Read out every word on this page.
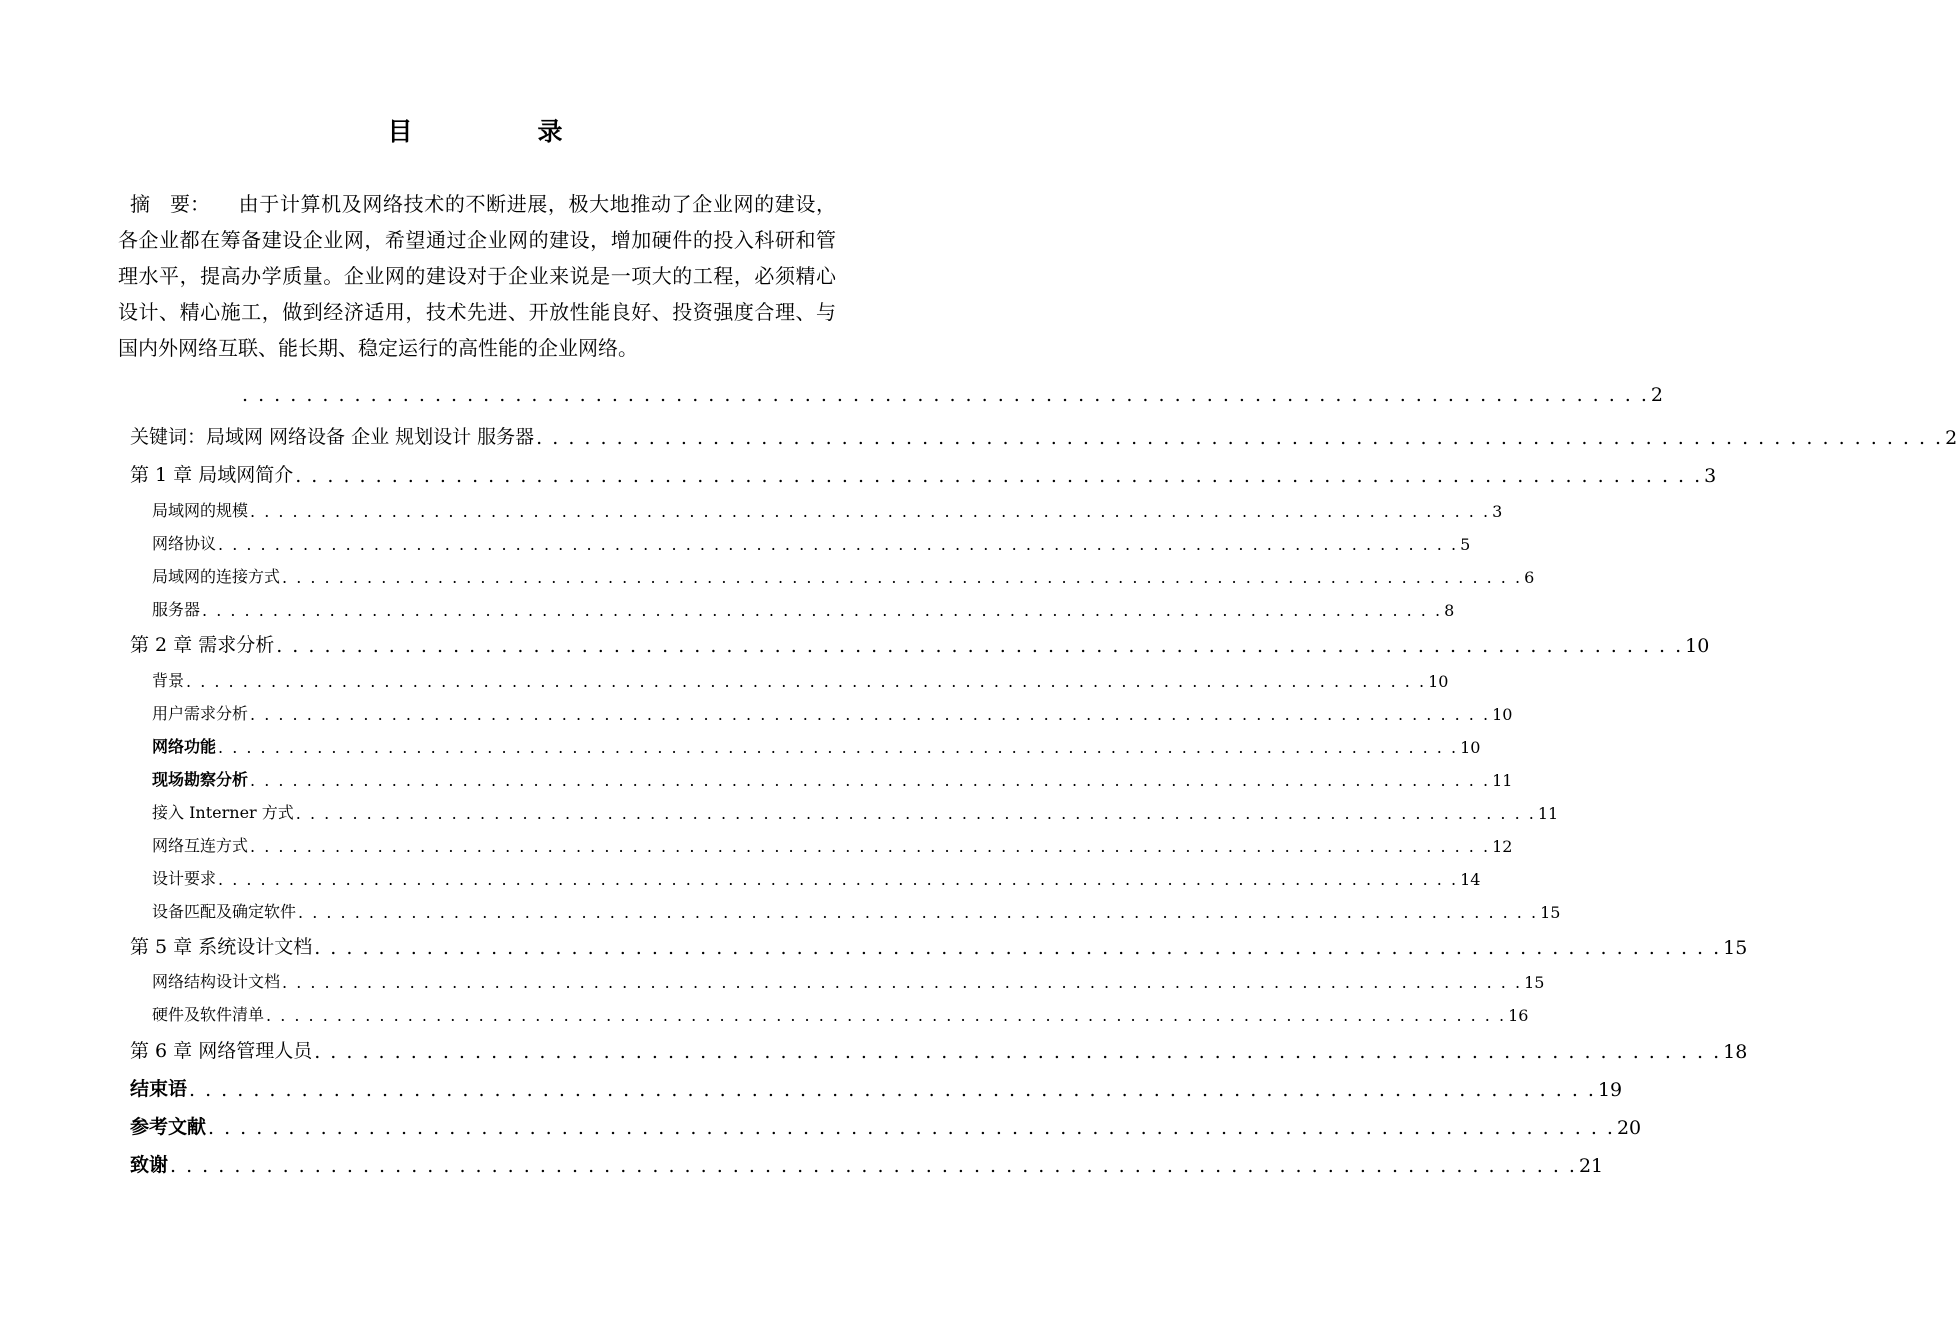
目　录
摘　要： 由于计算机及网络技术的不断进展，极大地推动了企业网的建设，各企业都在筹备建设企业网，希望通过企业网的建设，增加硬件的投入科研和管理水平，提高办学质量。企业网的建设对于企业来说是一项大的工程，必须精心设计、精心施工，做到经济适用，技术先进、开放性能良好、投资强度合理、与国内外网络互联、能长期、稳定运行的高性能的企业网络。
. . . . . . . . . . . . . . . . . . . . . . . . . . . . . . . . . . . . . . . . . . . . . . . . . . . . . . . . . . . . . . . . . . . . . . . . . . . . . . . . . . . . . . . . 2
关键词：局域网 网络设备 企业 规划设计 服务器 . . . . . . . . . . . . . . . . . . . . . . . . . . . . . . . . . . . . . . . . . . . . . . . . . . . . . . . . . . . . . . . . . . . . . . . . . . . . . . . . . . . . . . . . 2
第 1 章 局域网简介 . . . . . . . . . . . . . . . . . . . . . . . . . . . . . . . . . . . . . . . . . . . . . . . . . . . . . . . . . . . . . . . . . . . . . . . . . . . . . . . . . . . . . . . . 3
局域网的规模 . . . . . . . . . . . . . . . . . . . . . . . . . . . . . . . . . . . . . . . . . . . . . . . . . . . . . . . . . . . . . . . . . . . . . . . . . . . . . . . . . . . . . . . . 3
网络协议 . . . . . . . . . . . . . . . . . . . . . . . . . . . . . . . . . . . . . . . . . . . . . . . . . . . . . . . . . . . . . . . . . . . . . . . . . . . . . . . . . . . . . . . . 5
局域网的连接方式 . . . . . . . . . . . . . . . . . . . . . . . . . . . . . . . . . . . . . . . . . . . . . . . . . . . . . . . . . . . . . . . . . . . . . . . . . . . . . . . . . . . . . . . . 6
服务器 . . . . . . . . . . . . . . . . . . . . . . . . . . . . . . . . . . . . . . . . . . . . . . . . . . . . . . . . . . . . . . . . . . . . . . . . . . . . . . . . . . . . . . . . 8
第 2 章 需求分析 . . . . . . . . . . . . . . . . . . . . . . . . . . . . . . . . . . . . . . . . . . . . . . . . . . . . . . . . . . . . . . . . . . . . . . . . . . . . . . . . . . . . . . . . 10
背景 . . . . . . . . . . . . . . . . . . . . . . . . . . . . . . . . . . . . . . . . . . . . . . . . . . . . . . . . . . . . . . . . . . . . . . . . . . . . . . . . . . . . . . . . 10
用户需求分析 . . . . . . . . . . . . . . . . . . . . . . . . . . . . . . . . . . . . . . . . . . . . . . . . . . . . . . . . . . . . . . . . . . . . . . . . . . . . . . . . . . . . . . . . 10
网络功能 . . . . . . . . . . . . . . . . . . . . . . . . . . . . . . . . . . . . . . . . . . . . . . . . . . . . . . . . . . . . . . . . . . . . . . . . . . . . . . . . . . . . . . . . 10
现场勘察分析 . . . . . . . . . . . . . . . . . . . . . . . . . . . . . . . . . . . . . . . . . . . . . . . . . . . . . . . . . . . . . . . . . . . . . . . . . . . . . . . . . . . . . . . . 11
接入 Interner 方式 . . . . . . . . . . . . . . . . . . . . . . . . . . . . . . . . . . . . . . . . . . . . . . . . . . . . . . . . . . . . . . . . . . . . . . . . . . . . . . . . . . . . . . . . 11
网络互连方式 . . . . . . . . . . . . . . . . . . . . . . . . . . . . . . . . . . . . . . . . . . . . . . . . . . . . . . . . . . . . . . . . . . . . . . . . . . . . . . . . . . . . . . . . 12
设计要求 . . . . . . . . . . . . . . . . . . . . . . . . . . . . . . . . . . . . . . . . . . . . . . . . . . . . . . . . . . . . . . . . . . . . . . . . . . . . . . . . . . . . . . . . 14
设备匹配及确定软件 . . . . . . . . . . . . . . . . . . . . . . . . . . . . . . . . . . . . . . . . . . . . . . . . . . . . . . . . . . . . . . . . . . . . . . . . . . . . . . . . . . . . . . . . 15
第 5 章 系统设计文档 . . . . . . . . . . . . . . . . . . . . . . . . . . . . . . . . . . . . . . . . . . . . . . . . . . . . . . . . . . . . . . . . . . . . . . . . . . . . . . . . . . . . . . . . 15
网络结构设计文档 . . . . . . . . . . . . . . . . . . . . . . . . . . . . . . . . . . . . . . . . . . . . . . . . . . . . . . . . . . . . . . . . . . . . . . . . . . . . . . . . . . . . . . . . 15
硬件及软件清单 . . . . . . . . . . . . . . . . . . . . . . . . . . . . . . . . . . . . . . . . . . . . . . . . . . . . . . . . . . . . . . . . . . . . . . . . . . . . . . . . . . . . . . . . 16
第 6 章 网络管理人员 . . . . . . . . . . . . . . . . . . . . . . . . . . . . . . . . . . . . . . . . . . . . . . . . . . . . . . . . . . . . . . . . . . . . . . . . . . . . . . . . . . . . . . . . 18
结束语 . . . . . . . . . . . . . . . . . . . . . . . . . . . . . . . . . . . . . . . . . . . . . . . . . . . . . . . . . . . . . . . . . . . . . . . . . . . . . . . . . . . . . . . . 19
参考文献 . . . . . . . . . . . . . . . . . . . . . . . . . . . . . . . . . . . . . . . . . . . . . . . . . . . . . . . . . . . . . . . . . . . . . . . . . . . . . . . . . . . . . . . . 20
致谢 . . . . . . . . . . . . . . . . . . . . . . . . . . . . . . . . . . . . . . . . . . . . . . . . . . . . . . . . . . . . . . . . . . . . . . . . . . . . . . . . . . . . . . . . 21
